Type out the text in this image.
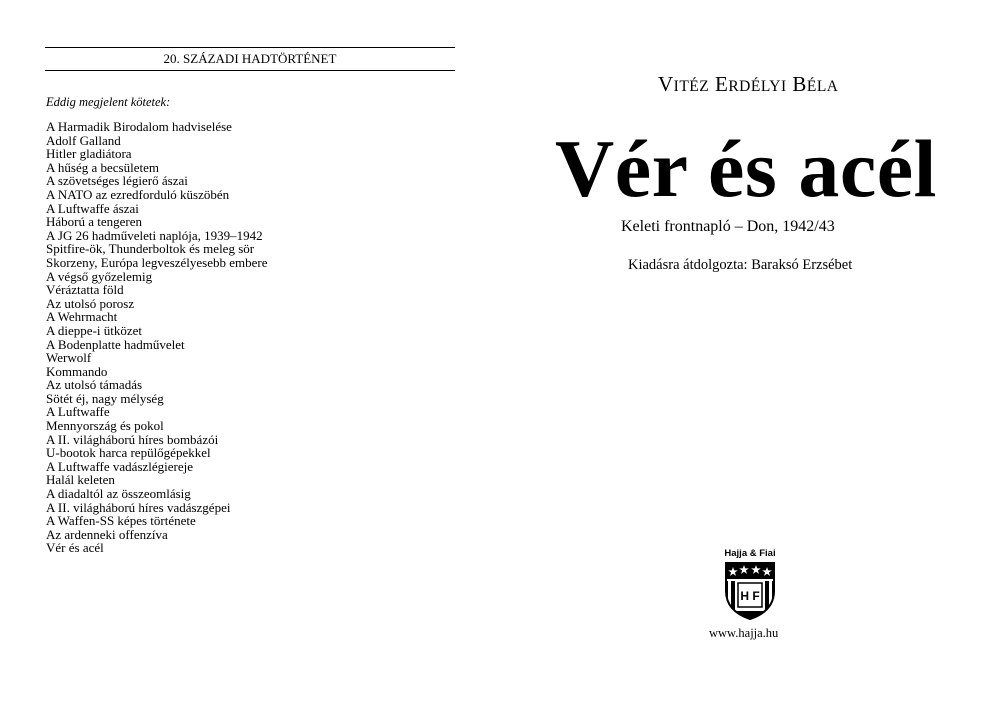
20. SZÁZADI HADTÖRTÉNET
Eddig megjelent kötetek:
A Harmadik Birodalom hadviselése
Adolf Galland
Hitler gladiátora
A hűség a becsületem
A szövetséges légierő ászai
A NATO az ezredforduló küszöbén
A Luftwaffe ászai
Háború a tengeren
A JG 26 hadműveleti naplója, 1939–1942
Spitfire-ök, Thunderboltok és meleg sör
Skorzeny, Európa legveszélyesebb embere
A végső győzelemig
Véráztatta föld
Az utolsó porosz
A Wehrmacht
A dieppe-i ütközet
A Bodenplatte hadművelet
Werwolf
Kommando
Az utolsó támadás
Sötét éj, nagy mélység
A Luftwaffe
Mennyország és pokol
A II. világháború híres bombázói
U-bootok harca repülőgépekkel
A Luftwaffe vadászlégiereje
Halál keleten
A diadaltól az összeomlásig
A II. világháború híres vadászgépei
A Waffen-SS képes története
Az ardenneki offenzíva
Vér és acél
VITÉZ ERDÉLYI BÉLA
Vér és acél
Keleti frontnapló – Don, 1942/43
Kiadásra átdolgozta: Baraksó Erzsébet
Hajja & Fiai
H F
www.hajja.hu
